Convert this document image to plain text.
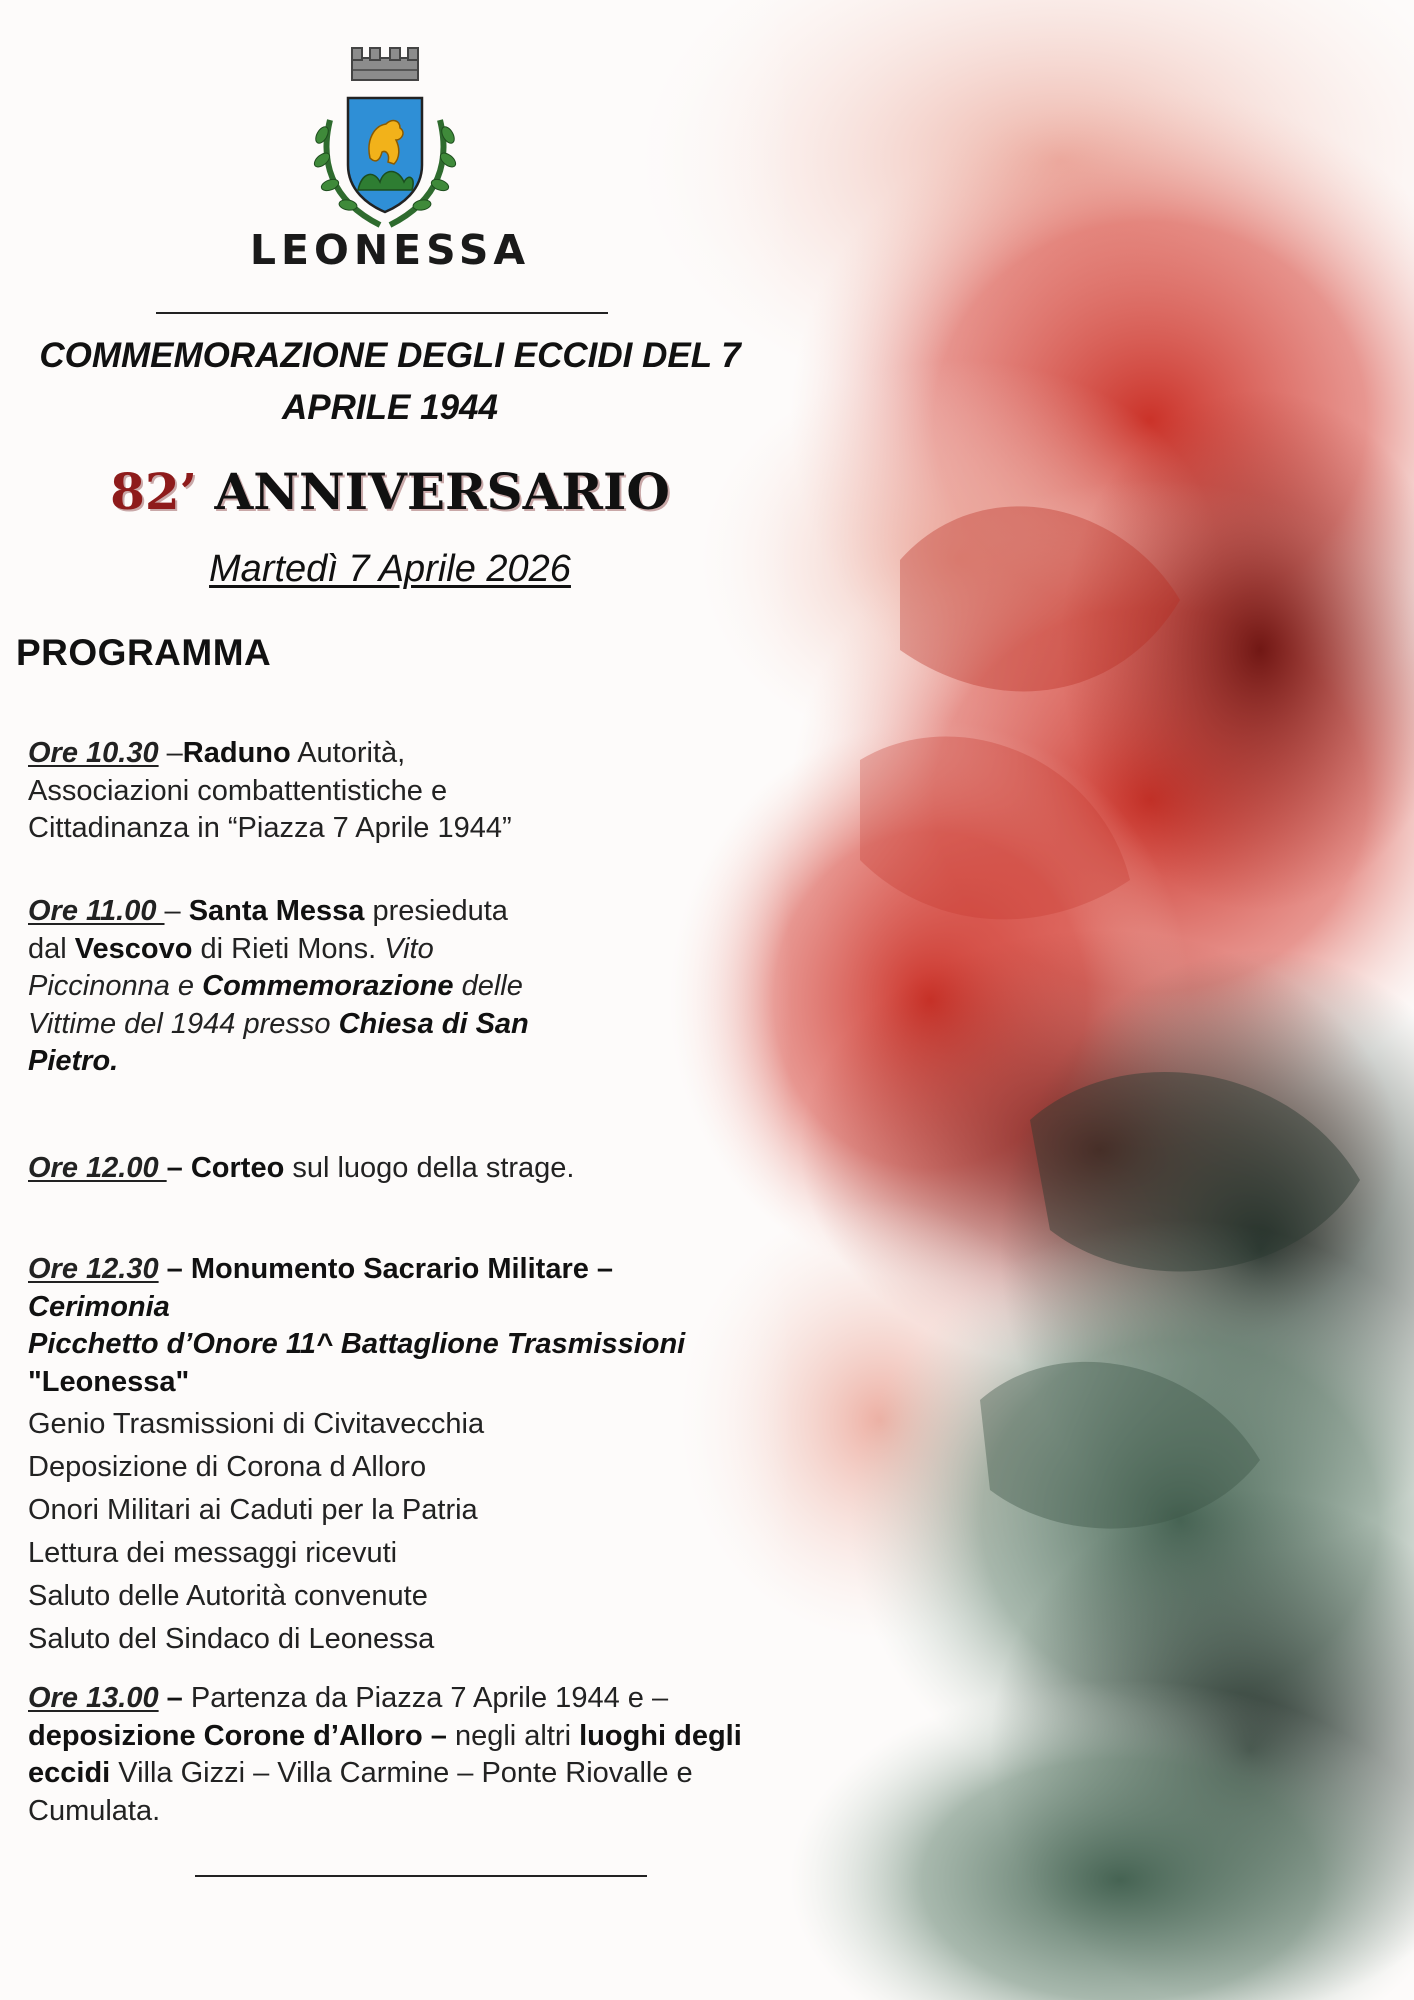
LEONESSA
COMMEMORAZIONE DEGLI ECCIDI DEL 7
APRILE 1944
82’ ANNIVERSARIO
Martedì 7 Aprile 2026
PROGRAMMA
Ore 10.30 –Raduno Autorità, Associazioni combattentistiche e Cittadinanza in “Piazza 7 Aprile 1944”
Ore 11.00 – Santa Messa presieduta dal Vescovo di Rieti Mons. Vito Piccinonna e Commemorazione delle Vittime del 1944 presso Chiesa di San Pietro.
Ore 12.00 – Corteo sul luogo della strage.
Ore 12.30 – Monumento Sacrario Militare –
Cerimonia
Picchetto d’Onore 11^ Battaglione Trasmissioni
"Leonessa"
Genio Trasmissioni di Civitavecchia
Deposizione di Corona d Alloro
Onori Militari ai Caduti per la Patria
Lettura dei messaggi ricevuti
Saluto delle Autorità convenute
Saluto del Sindaco di Leonessa
Ore 13.00 – Partenza da Piazza 7 Aprile 1944 e – deposizione Corone d’Alloro – negli altri luoghi degli eccidi Villa Gizzi – Villa Carmine – Ponte Riovalle e Cumulata.
